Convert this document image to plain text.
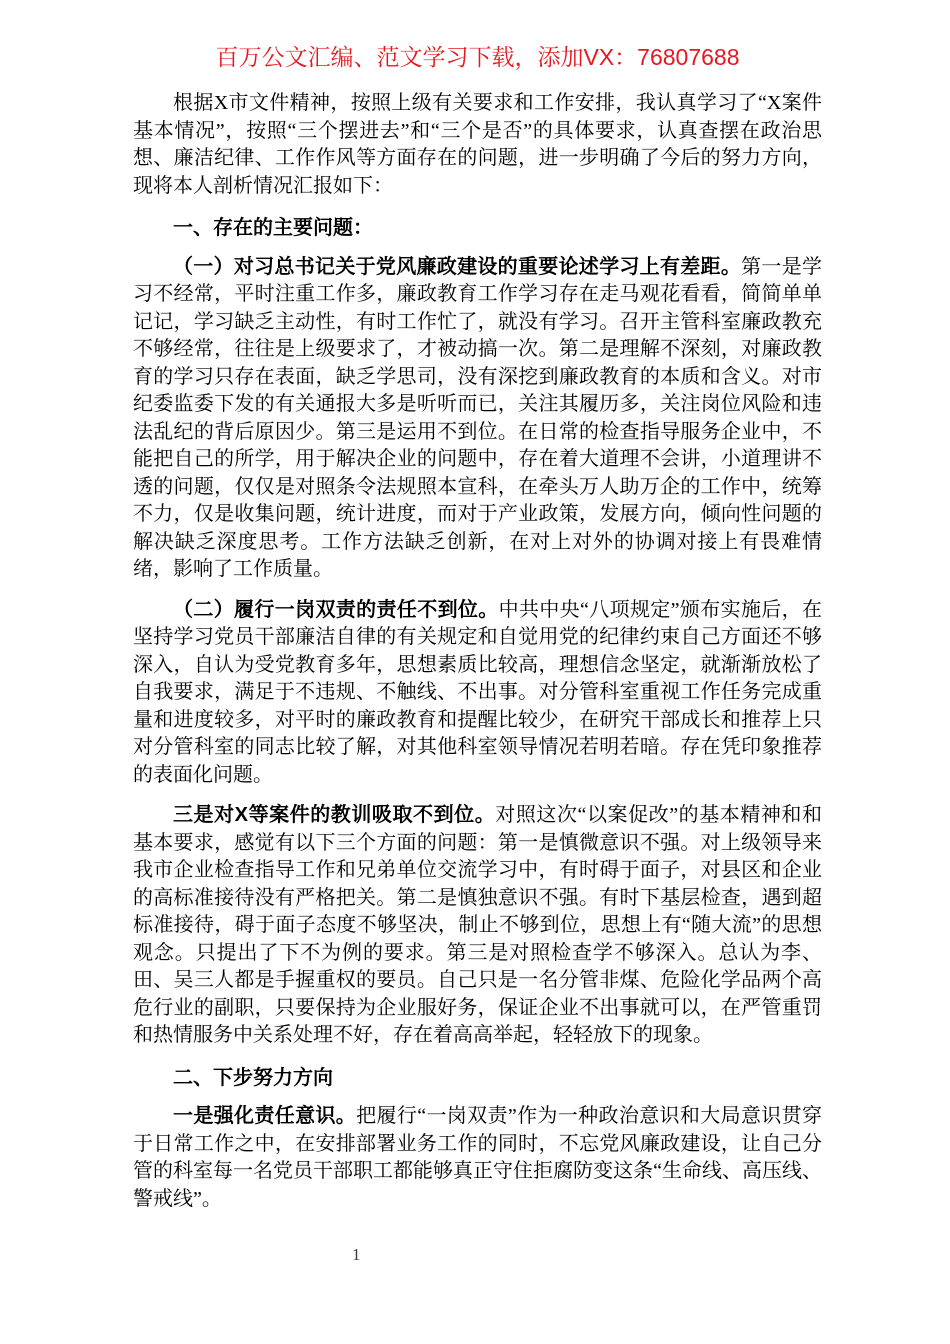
百万公文汇编、范文学习下载，添加VX：76807688

根据X市文件精神，按照上级有关要求和工作安排，我认真学习了“X案件基本情况”，按照“三个摆进去”和“三个是否”的具体要求，认真查摆在政治思想、廉洁纪律、工作作风等方面存在的问题，进一步明确了今后的努力方向，现将本人剖析情况汇报如下：

一、存在的主要问题：

（一）对习总书记关于党风廉政建设的重要论述学习上有差距。第一是学习不经常，平时注重工作多，廉政教育工作学习存在走马观花看看，简简单单记记，学习缺乏主动性，有时工作忙了，就没有学习。召开主管科室廉政教充不够经常，往往是上级要求了，才被动搞一次。第二是理解不深刻，对廉政教育的学习只存在表面，缺乏学思司，没有深挖到廉政教育的本质和含义。对市纪委监委下发的有关通报大多是听听而已，关注其履历多，关注岗位风险和违法乱纪的背后原因少。第三是运用不到位。在日常的检查指导服务企业中，不能把自己的所学，用于解决企业的问题中，存在着大道理不会讲，小道理讲不透的问题，仅仅是对照条令法规照本宣科，在牵头万人助万企的工作中，统筹不力，仅是收集问题，统计进度，而对于产业政策，发展方向，倾向性问题的解决缺乏深度思考。工作方法缺乏创新，在对上对外的协调对接上有畏难情绪，影响了工作质量。

（二）履行一岗双责的责任不到位。中共中央“八项规定”颁布实施后，在坚持学习党员干部廉洁自律的有关规定和自觉用党的纪律约束自己方面还不够深入，自认为受党教育多年，思想素质比较高，理想信念坚定，就渐渐放松了自我要求，满足于不违规、不触线、不出事。对分管科室重视工作任务完成重量和进度较多，对平时的廉政教育和提醒比较少，在研究干部成长和推荐上只对分管科室的同志比较了解，对其他科室领导情况若明若暗。存在凭印象推荐的表面化问题。

三是对X等案件的教训吸取不到位。对照这次“以案促改”的基本精神和和基本要求，感觉有以下三个方面的问题：第一是慎微意识不强。对上级领导来我市企业检查指导工作和兄弟单位交流学习中，有时碍于面子，对县区和企业的高标准接待没有严格把关。第二是慎独意识不强。有时下基层检查，遇到超标准接待，碍于面子态度不够坚决，制止不够到位，思想上有“随大流”的思想观念。只提出了下不为例的要求。第三是对照检查学不够深入。总认为李、田、吴三人都是手握重权的要员。自己只是一名分管非煤、危险化学品两个高危行业的副职，只要保持为企业服好务，保证企业不出事就可以，在严管重罚和热情服务中关系处理不好，存在着高高举起，轻轻放下的现象。

二、下步努力方向

一是强化责任意识。把履行“一岗双责”作为一种政治意识和大局意识贯穿于日常工作之中，在安排部署业务工作的同时，不忘党风廉政建设，让自己分管的科室每一名党员干部职工都能够真正守住拒腐防变这条“生命线、高压线、警戒线”。

1
